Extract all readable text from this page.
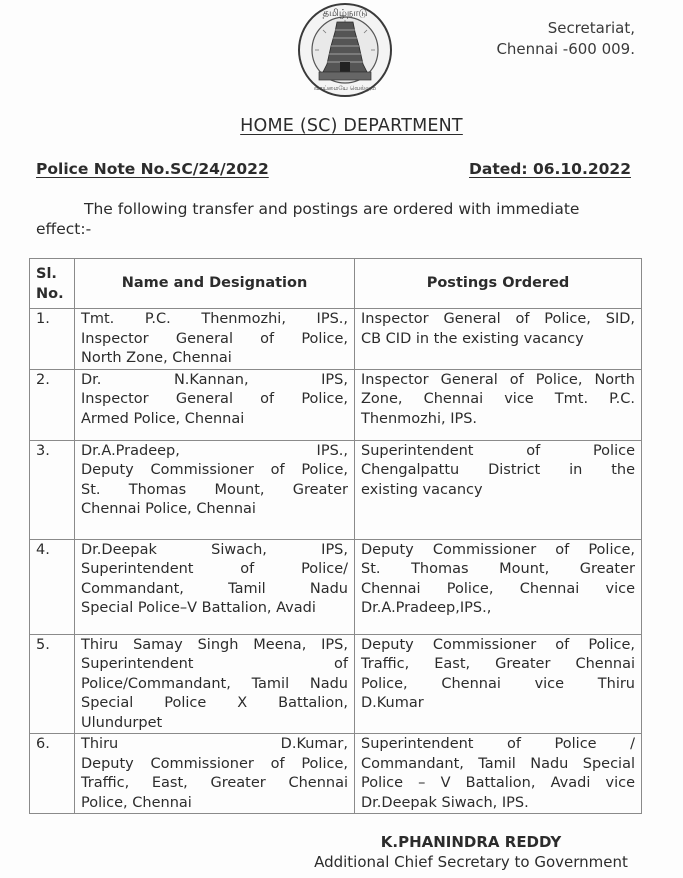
தமிழ்நாடு
வாய்மையே வெல்லும்
Secretariat,
Chennai -600 009.
HOME (SC) DEPARTMENT
Police Note No.SC/24/2022	Dated: 06.10.2022
The following transfer and postings are ordered with immediate effect:-
Sl.
No.	Name and Designation	Postings Ordered
1.	Tmt. P.C. Thenmozhi, IPS.,
Inspector General of Police,
North Zone, Chennai	Inspector General of Police, SID,
CB CID in the existing vacancy

2.	Dr. N.Kannan, IPS,
Inspector General of Police,
Armed Police, Chennai	Inspector General of Police, North
Zone, Chennai vice Tmt. P.C.
Thenmozhi, IPS.

3.	Dr.A.Pradeep, IPS.,
Deputy Commissioner of Police,
St. Thomas Mount, Greater
Chennai Police, Chennai	Superintendent of Police
Chengalpattu District in the
existing vacancy

4.	Dr.Deepak Siwach, IPS,
Superintendent of Police/
Commandant, Tamil Nadu
Special Police–V Battalion, Avadi	Deputy Commissioner of Police,
St. Thomas Mount, Greater
Chennai Police, Chennai vice
Dr.A.Pradeep,IPS.,

5.	Thiru Samay Singh Meena, IPS,
Superintendent of
Police/Commandant, Tamil Nadu
Special Police X Battalion,
Ulundurpet	Deputy Commissioner of Police,
Traffic, East, Greater Chennai
Police, Chennai vice Thiru
D.Kumar

6.	Thiru D.Kumar,
Deputy Commissioner of Police,
Traffic, East, Greater Chennai
Police, Chennai	Superintendent of Police /
Commandant, Tamil Nadu Special
Police – V Battalion, Avadi vice
Dr.Deepak Siwach, IPS.
K.PHANINDRA REDDY
Additional Chief Secretary to Government
